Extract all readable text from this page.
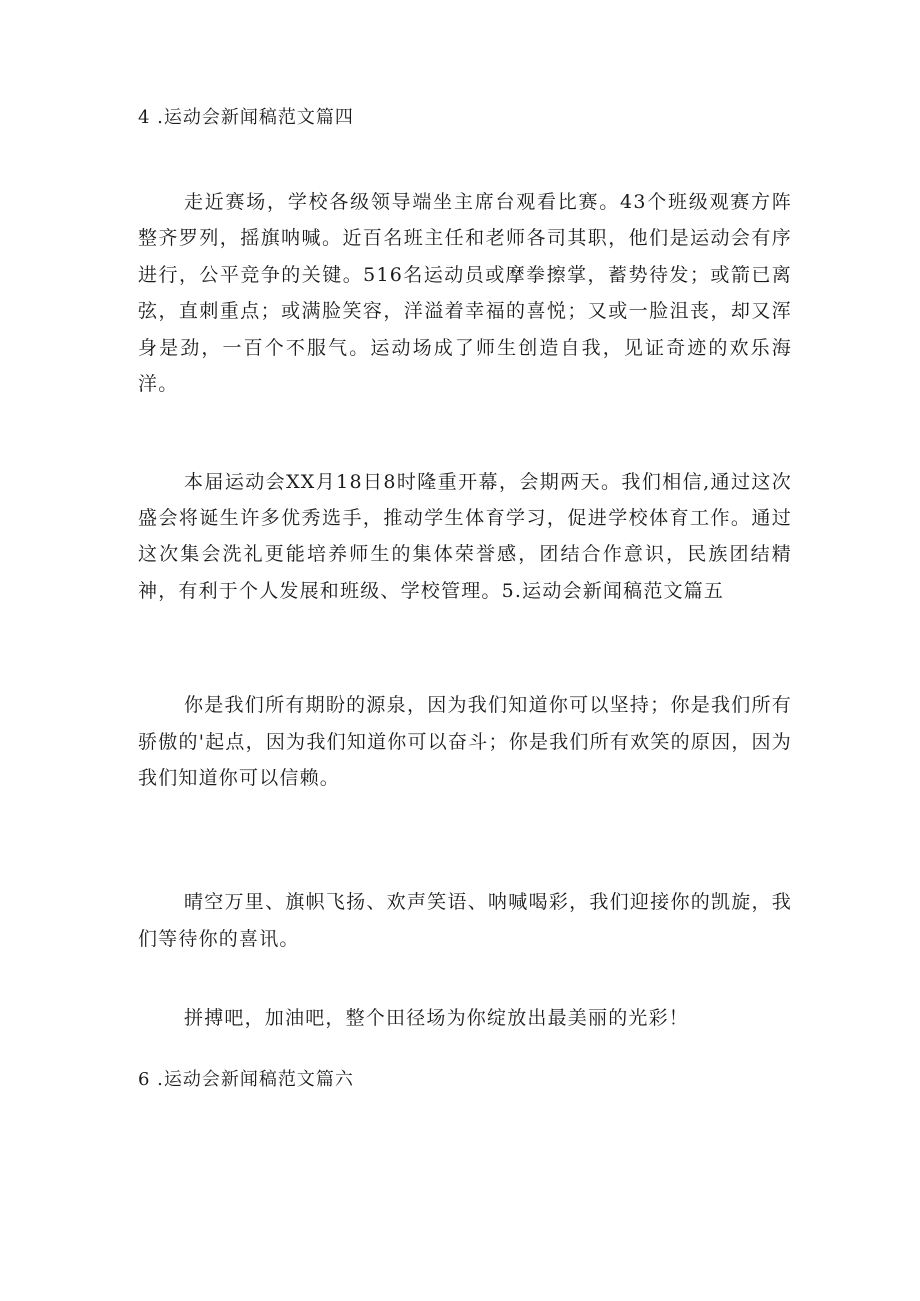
4 .运动会新闻稿范文篇四

走近赛场，学校各级领导端坐主席台观看比赛。43个班级观赛方阵整齐罗列，摇旗呐喊。近百名班主任和老师各司其职，他们是运动会有序进行，公平竞争的关键。516名运动员或摩拳擦掌，蓄势待发；或箭已离弦，直刺重点；或满脸笑容，洋溢着幸福的喜悦；又或一脸沮丧，却又浑身是劲，一百个不服气。运动场成了师生创造自我，见证奇迹的欢乐海洋。

本届运动会XX月18日8时隆重开幕，会期两天。我们相信,通过这次盛会将诞生许多优秀选手，推动学生体育学习，促进学校体育工作。通过这次集会洗礼更能培养师生的集体荣誉感，团结合作意识，民族团结精神，有利于个人发展和班级、学校管理。5.运动会新闻稿范文篇五

你是我们所有期盼的源泉，因为我们知道你可以坚持；你是我们所有骄傲的'起点，因为我们知道你可以奋斗；你是我们所有欢笑的原因，因为我们知道你可以信赖。

晴空万里、旗帜飞扬、欢声笑语、呐喊喝彩，我们迎接你的凯旋，我们等待你的喜讯。

拼搏吧，加油吧，整个田径场为你绽放出最美丽的光彩！

6 .运动会新闻稿范文篇六
